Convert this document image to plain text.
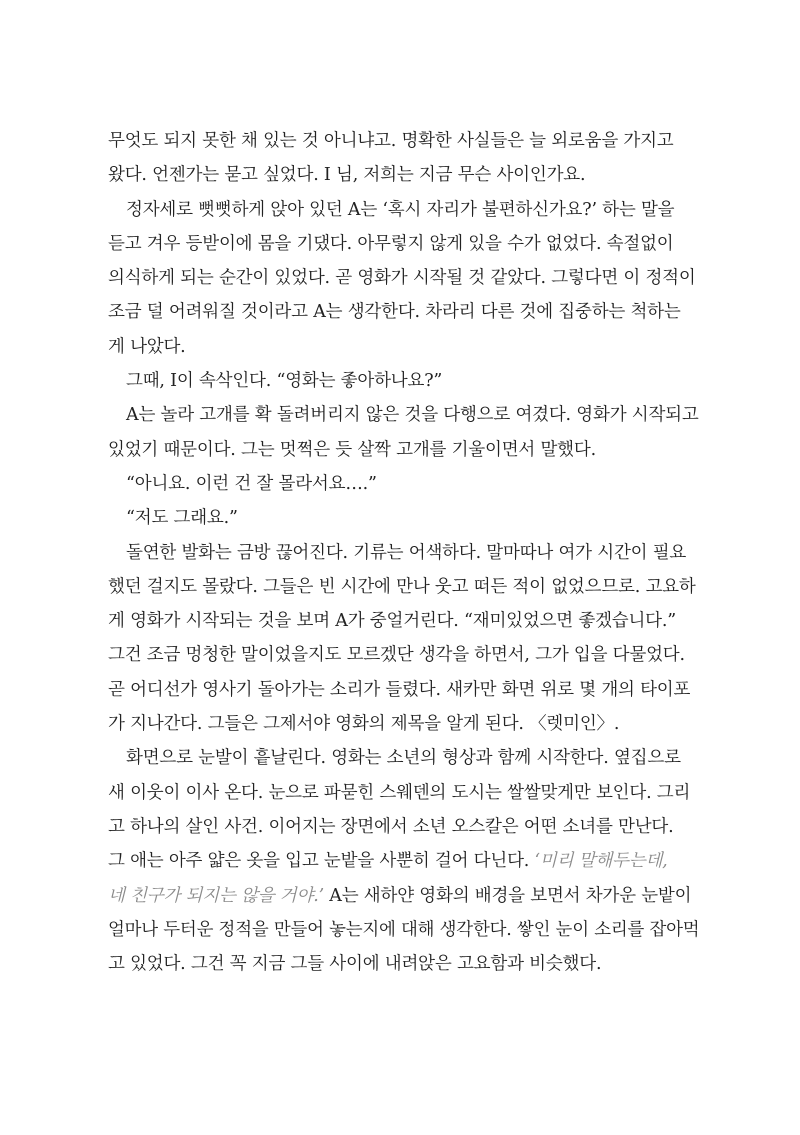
무엇도 되지 못한 채 있는 것 아니냐고. 명확한 사실들은 늘 외로움을 가지고
왔다. 언젠가는 묻고 싶었다. I 님, 저희는 지금 무슨 사이인가요.
정자세로 뻣뻣하게 앉아 있던 A는 ‘혹시 자리가 불편하신가요?’ 하는 말을
듣고 겨우 등받이에 몸을 기댔다. 아무렇지 않게 있을 수가 없었다. 속절없이
의식하게 되는 순간이 있었다. 곧 영화가 시작될 것 같았다. 그렇다면 이 정적이
조금 덜 어려워질 것이라고 A는 생각한다. 차라리 다른 것에 집중하는 척하는
게 나았다.
그때, I이 속삭인다. “영화는 좋아하나요?”
A는 놀라 고개를 확 돌려버리지 않은 것을 다행으로 여겼다. 영화가 시작되고
있었기 때문이다. 그는 멋쩍은 듯 살짝 고개를 기울이면서 말했다.
“아니요. 이런 건 잘 몰라서요….”
“저도 그래요.”
돌연한 발화는 금방 끊어진다. 기류는 어색하다. 말마따나 여가 시간이 필요
했던 걸지도 몰랐다. 그들은 빈 시간에 만나 웃고 떠든 적이 없었으므로. 고요하
게 영화가 시작되는 것을 보며 A가 중얼거린다. “재미있었으면 좋겠습니다.”
그건 조금 멍청한 말이었을지도 모르겠단 생각을 하면서, 그가 입을 다물었다.
곧 어디선가 영사기 돌아가는 소리가 들렸다. 새카만 화면 위로 몇 개의 타이포
가 지나간다. 그들은 그제서야 영화의 제목을 알게 된다. 〈렛미인〉.
화면으로 눈발이 흩날린다. 영화는 소년의 형상과 함께 시작한다. 옆집으로
새 이웃이 이사 온다. 눈으로 파묻힌 스웨덴의 도시는 쌀쌀맞게만 보인다. 그리
고 하나의 살인 사건. 이어지는 장면에서 소년 오스칼은 어떤 소녀를 만난다.
그 애는 아주 얇은 옷을 입고 눈밭을 사뿐히 걸어 다닌다. ‘미리 말해두는데,
네 친구가 되지는 않을 거야.’ A는 새하얀 영화의 배경을 보면서 차가운 눈밭이
얼마나 두터운 정적을 만들어 놓는지에 대해 생각한다. 쌓인 눈이 소리를 잡아먹
고 있었다. 그건 꼭 지금 그들 사이에 내려앉은 고요함과 비슷했다.
